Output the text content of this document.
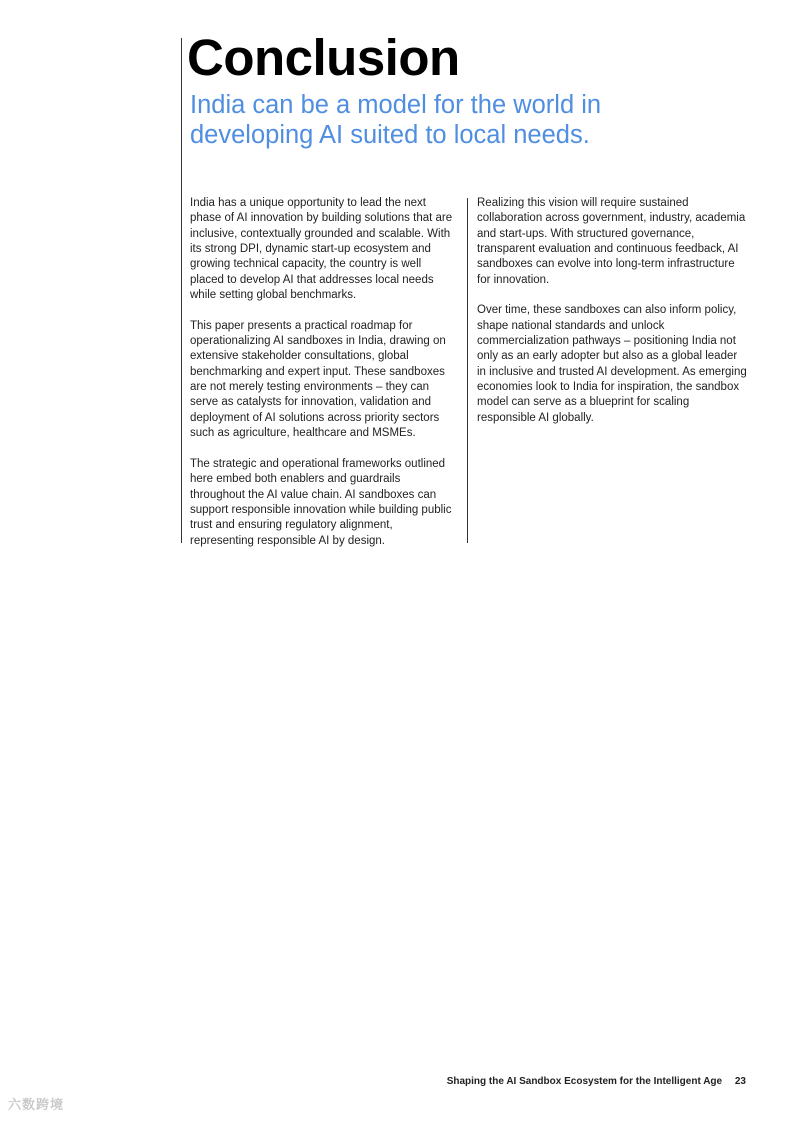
Conclusion
India can be a model for the world in developing AI suited to local needs.

India has a unique opportunity to lead the next phase of AI innovation by building solutions that are inclusive, contextually grounded and scalable. With its strong DPI, dynamic start-up ecosystem and growing technical capacity, the country is well placed to develop AI that addresses local needs while setting global benchmarks.

This paper presents a practical roadmap for operationalizing AI sandboxes in India, drawing on extensive stakeholder consultations, global benchmarking and expert input. These sandboxes are not merely testing environments – they can serve as catalysts for innovation, validation and deployment of AI solutions across priority sectors such as agriculture, healthcare and MSMEs.

The strategic and operational frameworks outlined here embed both enablers and guardrails throughout the AI value chain. AI sandboxes can support responsible innovation while building public trust and ensuring regulatory alignment, representing responsible AI by design.

Realizing this vision will require sustained collaboration across government, industry, academia and start-ups. With structured governance, transparent evaluation and continuous feedback, AI sandboxes can evolve into long-term infrastructure for innovation.

Over time, these sandboxes can also inform policy, shape national standards and unlock commercialization pathways – positioning India not only as an early adopter but also as a global leader in inclusive and trusted AI development. As emerging economies look to India for inspiration, the sandbox model can serve as a blueprint for scaling responsible AI globally.

Shaping the AI Sandbox Ecosystem for the Intelligent Age 23
六数跨境
